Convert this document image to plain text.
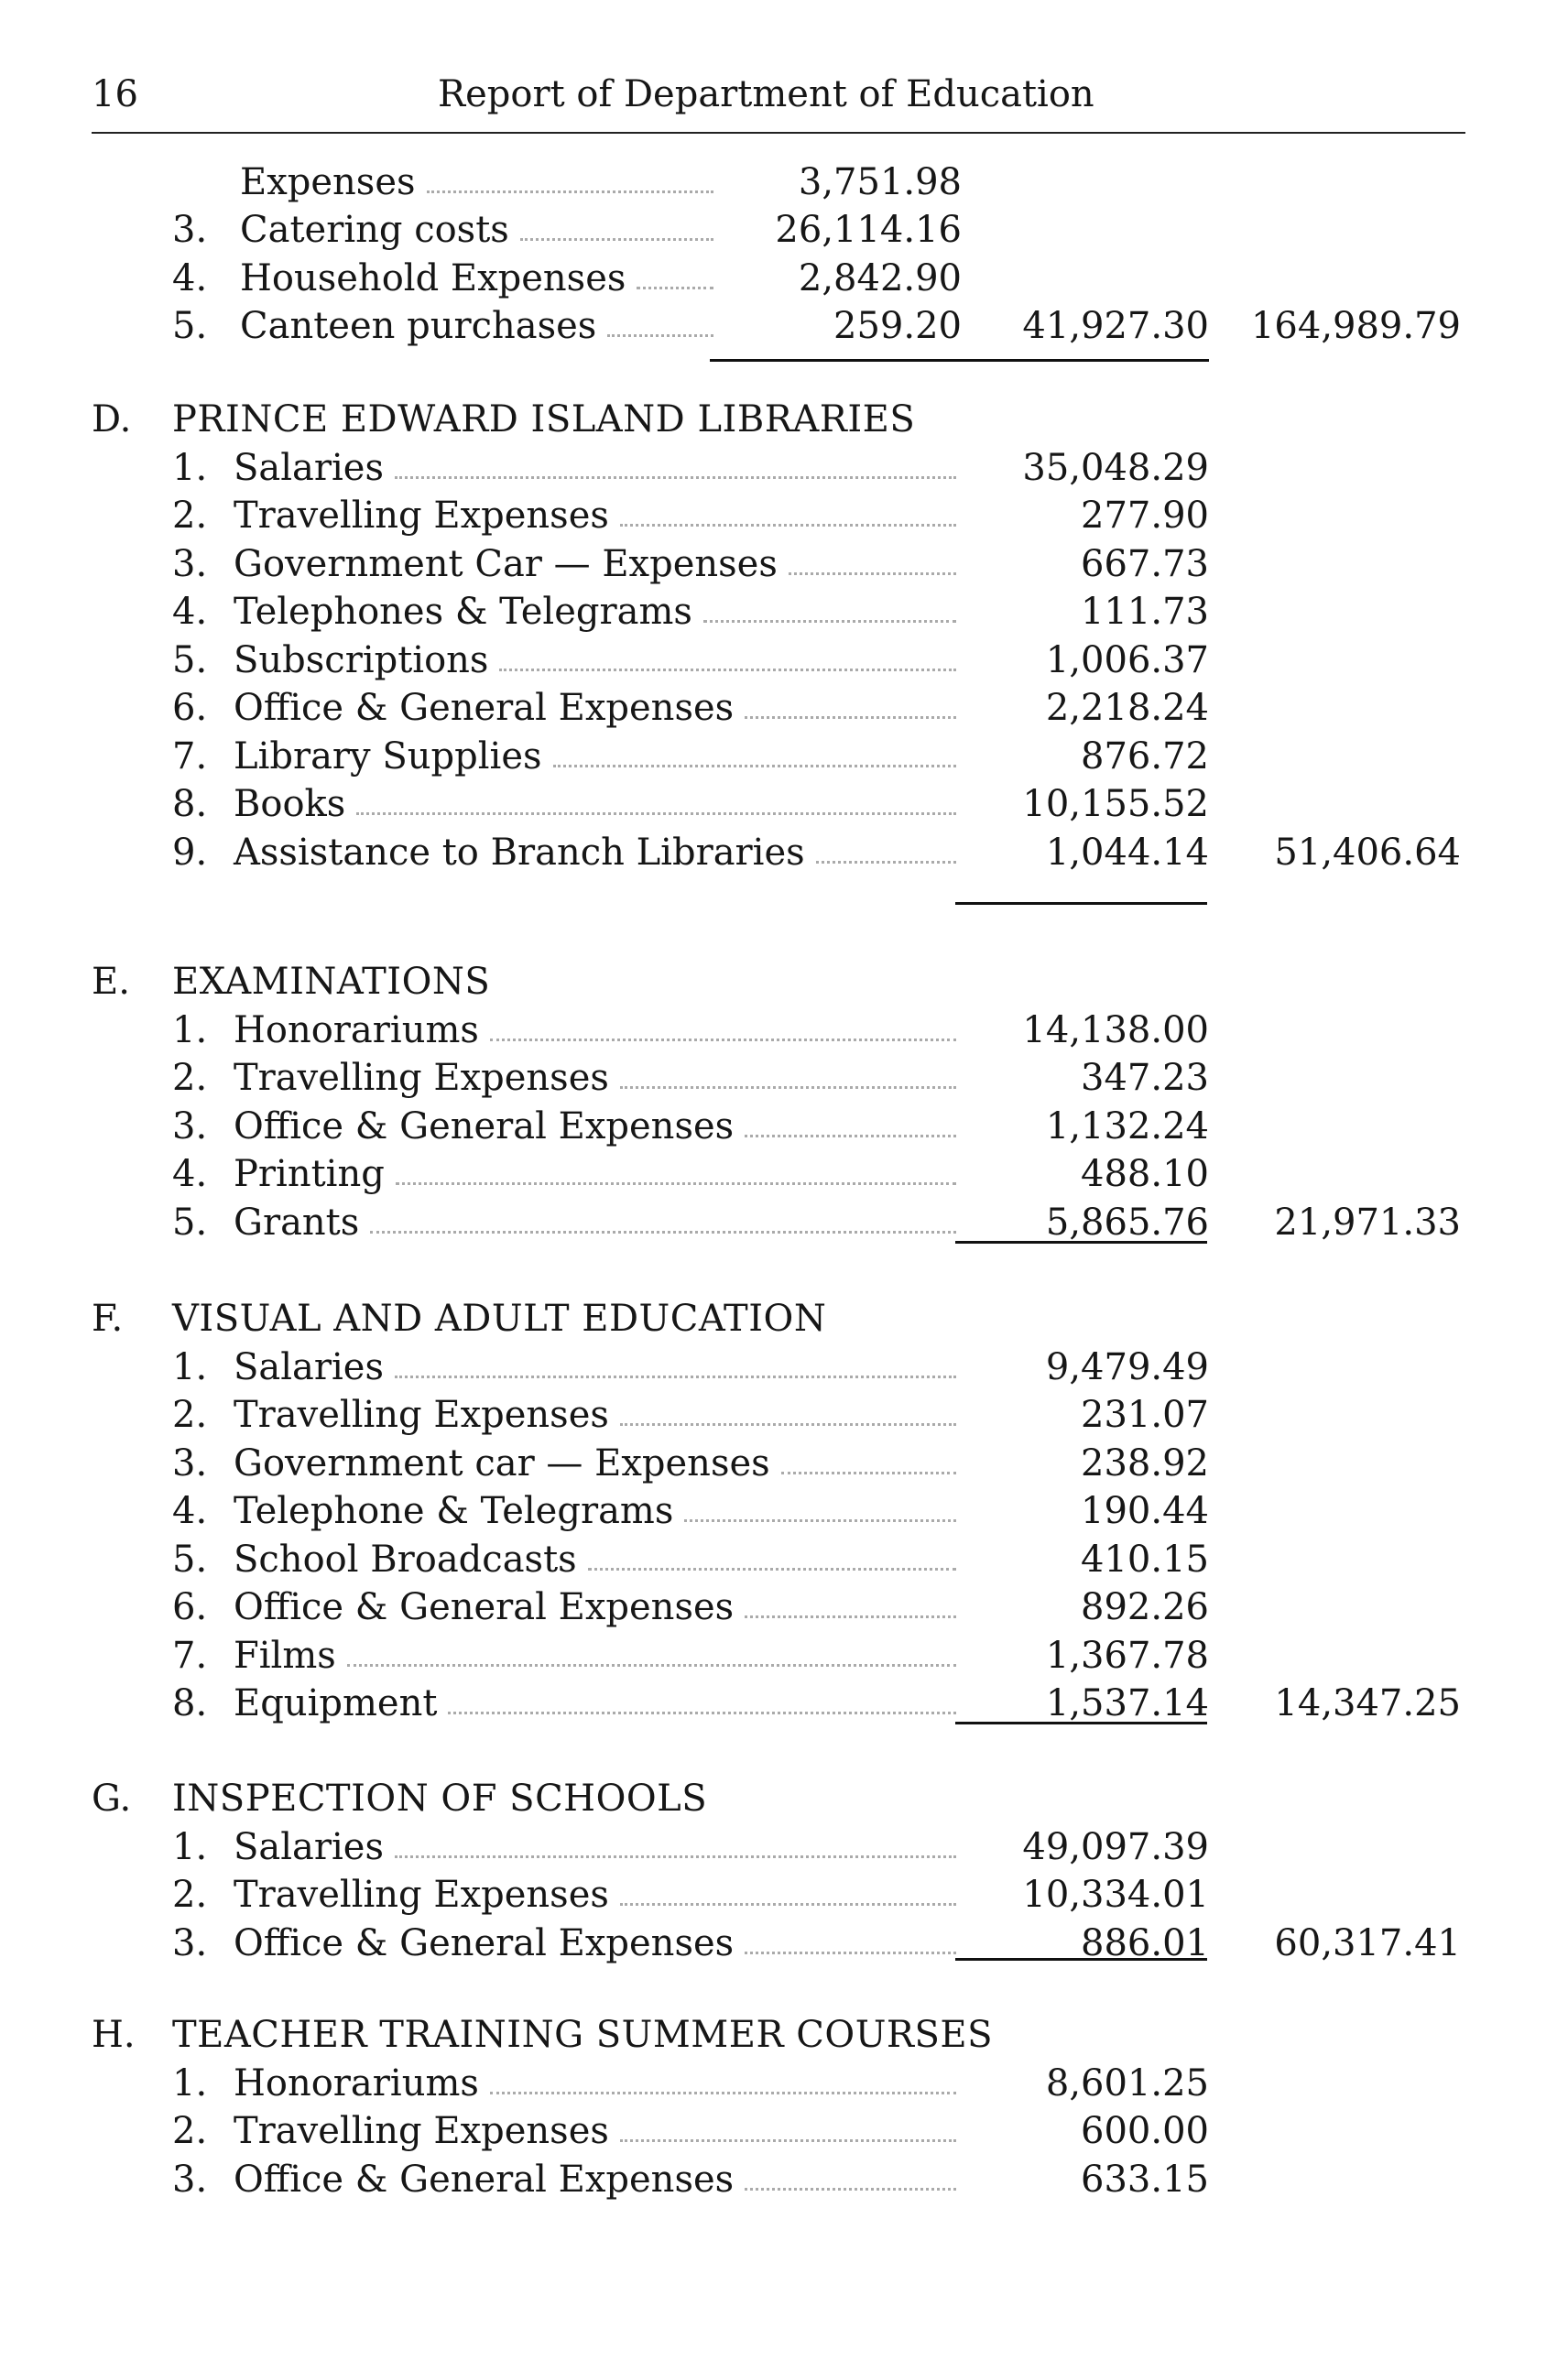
16	Report of Department of Education
Expenses	3,751.98
3. Catering costs	26,114.16
4. Household Expenses	2,842.90
5. Canteen purchases	259.20	41,927.30	164,989.79
D. PRINCE EDWARD ISLAND LIBRARIES
1. Salaries	35,048.29
2. Travelling Expenses	277.90
3. Government Car — Expenses	667.73
4. Telephones & Telegrams	111.73
5. Subscriptions	1,006.37
6. Office & General Expenses	2,218.24
7. Library Supplies	876.72
8. Books	10,155.52
9. Assistance to Branch Libraries	1,044.14	51,406.64
E. EXAMINATIONS
1. Honorariums	14,138.00
2. Travelling Expenses	347.23
3. Office & General Expenses	1,132.24
4. Printing	488.10
5. Grants	5,865.76	21,971.33
F. VISUAL AND ADULT EDUCATION
1. Salaries	9,479.49
2. Travelling Expenses	231.07
3. Government car — Expenses	238.92
4. Telephone & Telegrams	190.44
5. School Broadcasts	410.15
6. Office & General Expenses	892.26
7. Films	1,367.78
8. Equipment	1,537.14	14,347.25
G. INSPECTION OF SCHOOLS
1. Salaries	49,097.39
2. Travelling Expenses	10,334.01
3. Office & General Expenses	886.01	60,317.41
H. TEACHER TRAINING SUMMER COURSES
1. Honorariums	8,601.25
2. Travelling Expenses	600.00
3. Office & General Expenses	633.15
